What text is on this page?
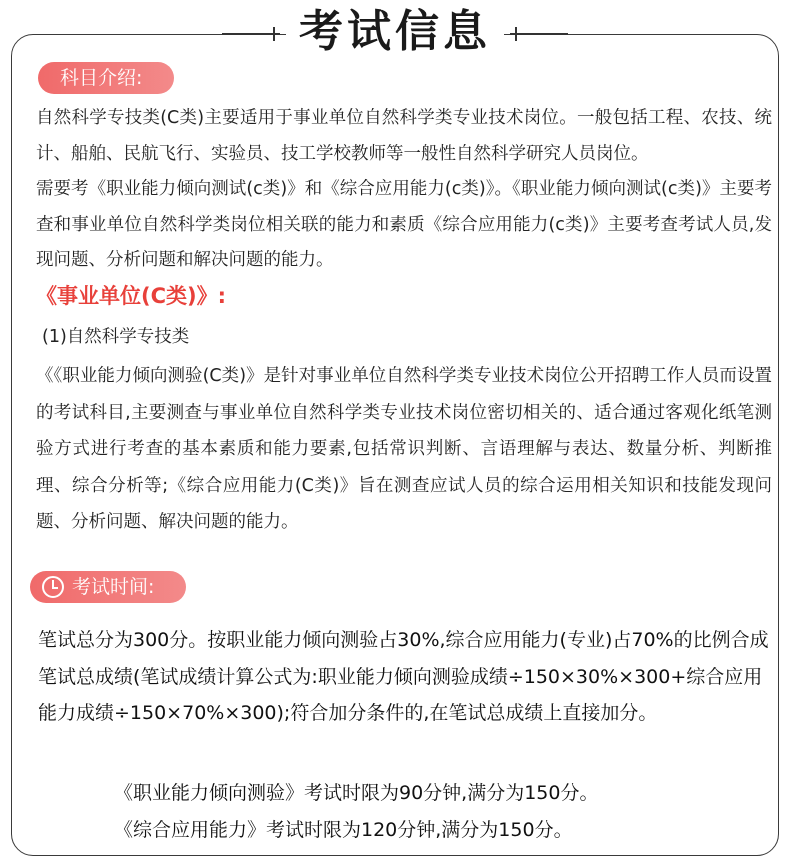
考试信息
科目介绍:
自然科学专技类(C类)主要适用于事业单位自然科学类专业技术岗位。一般包括工程、农技、统计、船舶、民航飞行、实验员、技工学校教师等一般性自然科学研究人员岗位。
需要考《职业能力倾向测试(c类)》和《综合应用能力(c类)》。《职业能力倾向测试(c类)》主要考查和事业单位自然科学类岗位相关联的能力和素质《综合应用能力(c类)》主要考查考试人员,发现问题、分析问题和解决问题的能力。
《事业单位(C类)》:
(1)自然科学专技类
《《职业能力倾向测验(C类)》是针对事业单位自然科学类专业技术岗位公开招聘工作人员而设置的考试科目,主要测查与事业单位自然科学类专业技术岗位密切相关的、适合通过客观化纸笔测验方式进行考查的基本素质和能力要素,包括常识判断、言语理解与表达、数量分析、判断推理、综合分析等;《综合应用能力(C类)》旨在测查应试人员的综合运用相关知识和技能发现问题、分析问题、解决问题的能力。
考试时间:
笔试总分为300分。按职业能力倾向测验占30%,综合应用能力(专业)占70%的比例合成笔试总成绩(笔试成绩计算公式为:职业能力倾向测验成绩÷150×30%×300+综合应用能力成绩÷150×70%×300);符合加分条件的,在笔试总成绩上直接加分。
《职业能力倾向测验》考试时限为90分钟,满分为150分。
《综合应用能力》考试时限为120分钟,满分为150分。
